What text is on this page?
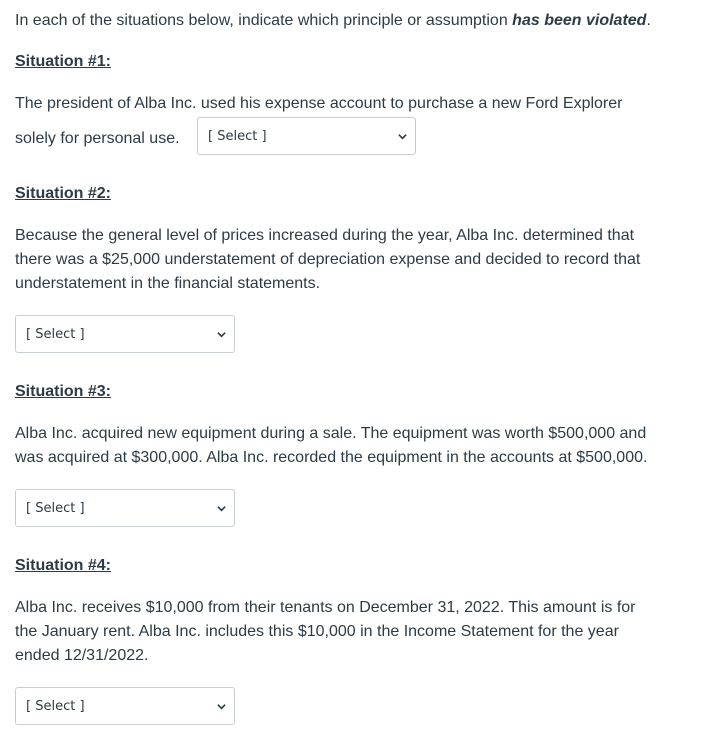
In each of the situations below, indicate which principle or assumption has been violated.

Situation #1:
The president of Alba Inc. used his expense account to purchase a new Ford Explorer
solely for personal use. [ Select ]
Situation #2:
Because the general level of prices increased during the year, Alba Inc. determined that
there was a $25,000 understatement of depreciation expense and decided to record that
understatement in the financial statements.
[ Select ]
Situation #3:
Alba Inc. acquired new equipment during a sale. The equipment was worth $500,000 and
was acquired at $300,000. Alba Inc. recorded the equipment in the accounts at $500,000.
[ Select ]
Situation #4:
Alba Inc. receives $10,000 from their tenants on December 31, 2022. This amount is for
the January rent. Alba Inc. includes this $10,000 in the Income Statement for the year
ended 12/31/2022.
[ Select ]
